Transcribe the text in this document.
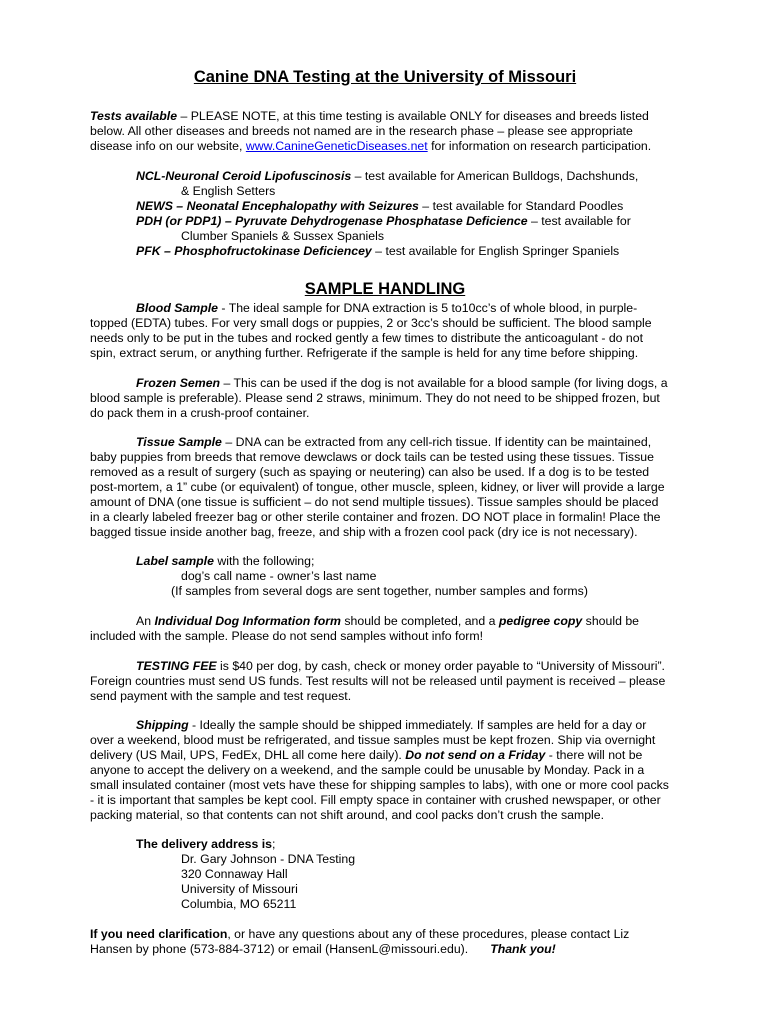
Canine DNA Testing at the University of Missouri
Tests available – PLEASE NOTE, at this time testing is available ONLY for diseases and breeds listed
below. All other diseases and breeds not named are in the research phase – please see appropriate
disease info on our website, www.CanineGeneticDiseases.net for information on research participation.
NCL-Neuronal Ceroid Lipofuscinosis – test available for American Bulldogs, Dachshunds,
& English Setters
NEWS – Neonatal Encephalopathy with Seizures – test available for Standard Poodles
PDH (or PDP1) – Pyruvate Dehydrogenase Phosphatase Deficience – test available for
Clumber Spaniels & Sussex Spaniels
PFK – Phosphofructokinase Deficiencey – test available for English Springer Spaniels
SAMPLE HANDLING
Blood Sample - The ideal sample for DNA extraction is 5 to10cc’s of whole blood, in purple-
topped (EDTA) tubes. For very small dogs or puppies, 2 or 3cc’s should be sufficient. The blood sample
needs only to be put in the tubes and rocked gently a few times to distribute the anticoagulant - do not
spin, extract serum, or anything further. Refrigerate if the sample is held for any time before shipping.
Frozen Semen – This can be used if the dog is not available for a blood sample (for living dogs, a
blood sample is preferable). Please send 2 straws, minimum. They do not need to be shipped frozen, but
do pack them in a crush-proof container.
Tissue Sample – DNA can be extracted from any cell-rich tissue. If identity can be maintained,
baby puppies from breeds that remove dewclaws or dock tails can be tested using these tissues. Tissue
removed as a result of surgery (such as spaying or neutering) can also be used. If a dog is to be tested
post-mortem, a 1” cube (or equivalent) of tongue, other muscle, spleen, kidney, or liver will provide a large
amount of DNA (one tissue is sufficient – do not send multiple tissues). Tissue samples should be placed
in a clearly labeled freezer bag or other sterile container and frozen. DO NOT place in formalin! Place the
bagged tissue inside another bag, freeze, and ship with a frozen cool pack (dry ice is not necessary).
Label sample with the following;
dog’s call name - owner’s last name
(If samples from several dogs are sent together, number samples and forms)
An Individual Dog Information form should be completed, and a pedigree copy should be
included with the sample. Please do not send samples without info form!
TESTING FEE is $40 per dog, by cash, check or money order payable to “University of Missouri”.
Foreign countries must send US funds. Test results will not be released until payment is received – please
send payment with the sample and test request.
Shipping - Ideally the sample should be shipped immediately. If samples are held for a day or
over a weekend, blood must be refrigerated, and tissue samples must be kept frozen. Ship via overnight
delivery (US Mail, UPS, FedEx, DHL all come here daily). Do not send on a Friday - there will not be
anyone to accept the delivery on a weekend, and the sample could be unusable by Monday. Pack in a
small insulated container (most vets have these for shipping samples to labs), with one or more cool packs
- it is important that samples be kept cool. Fill empty space in container with crushed newspaper, or other
packing material, so that contents can not shift around, and cool packs don’t crush the sample.
The delivery address is;
Dr. Gary Johnson - DNA Testing
320 Connaway Hall
University of Missouri
Columbia, MO 65211
If you need clarification, or have any questions about any of these procedures, please contact Liz
Hansen by phone (573-884-3712) or email (HansenL@missouri.edu). Thank you!
